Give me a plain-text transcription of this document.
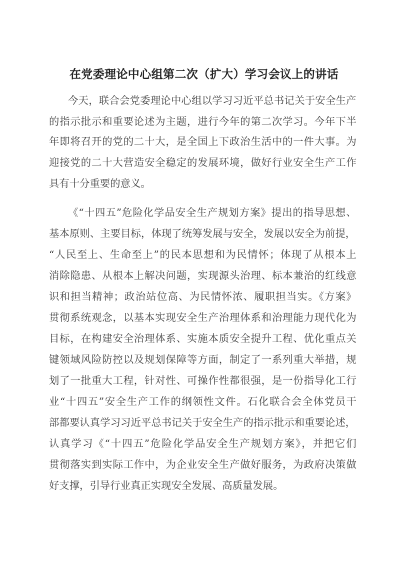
在党委理论中心组第二次（扩大）学习会议上的讲话
今天，联合会党委理论中心组以学习习近平总书记关于安全生产
的指示批示和重要论述为主题，进行今年的第二次学习。今年下半
年即将召开的党的二十大，是全国上下政治生活中的一件大事。为
迎接党的二十大营造安全稳定的发展环境，做好行业安全生产工作
具有十分重要的意义。
《“十四五”危险化学品安全生产规划方案》提出的指导思想、
基本原则、主要目标，体现了统筹发展与安全，发展以安全为前提，
“人民至上、生命至上”的民本思想和为民情怀；体现了从根本上
消除隐患、从根本上解决问题，实现源头治理、标本兼治的红线意
识和担当精神；政治站位高、为民情怀浓、履职担当实。《方案》
贯彻系统观念，以基本实现安全生产治理体系和治理能力现代化为
目标，在构建安全治理体系、实施本质安全提升工程、优化重点关
键领域风险防控以及规划保障等方面，制定了一系列重大举措，规
划了一批重大工程，针对性、可操作性都很强，是一份指导化工行
业“十四五”安全生产工作的纲领性文件。石化联合会全体党员干
部都要认真学习习近平总书记关于安全生产的指示批示和重要论述，
认真学习《“十四五”危险化学品安全生产规划方案》，并把它们
贯彻落实到实际工作中，为企业安全生产做好服务，为政府决策做
好支撑，引导行业真正实现安全发展、高质量发展。
